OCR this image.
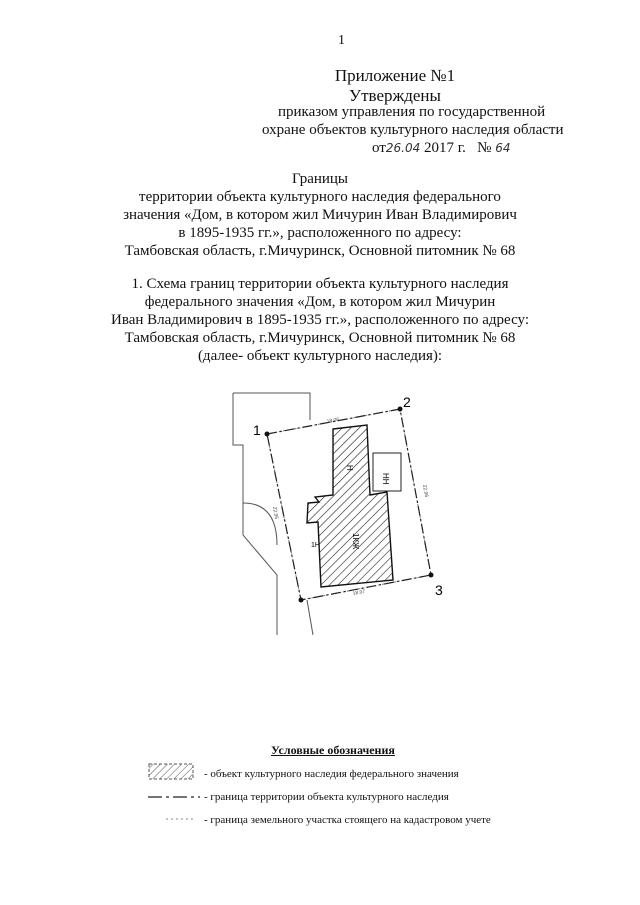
1
Приложение №1
Утверждены
приказом управления по государственной
охране объектов культурного наследия области
от26.04 2017 г.   № 64
Границы
территории объекта культурного наследия федерального
значения «Дом, в котором жил Мичурин Иван Владимирович
в 1895-1935 гг.», расположенного по адресу:
Тамбовская область, г.Мичуринск, Основной питомник № 68
1. Схема границ территории объекта культурного наследия
федерального значения «Дом, в котором жил Мичурин
Иван Владимирович в 1895-1935 гг.», расположенного по адресу:
Тамбовская область, г.Мичуринск, Основной питомник № 68
(далее- объект культурного наследия):
НН
Н
1КЖ
1Н
1
2
3
18.06
22.96
18.07
22.95
Условные обозначения
- объект культурного наследия федерального значения
- граница территории объекта культурного наследия
- граница земельного участка стоящего на кадастровом учете
